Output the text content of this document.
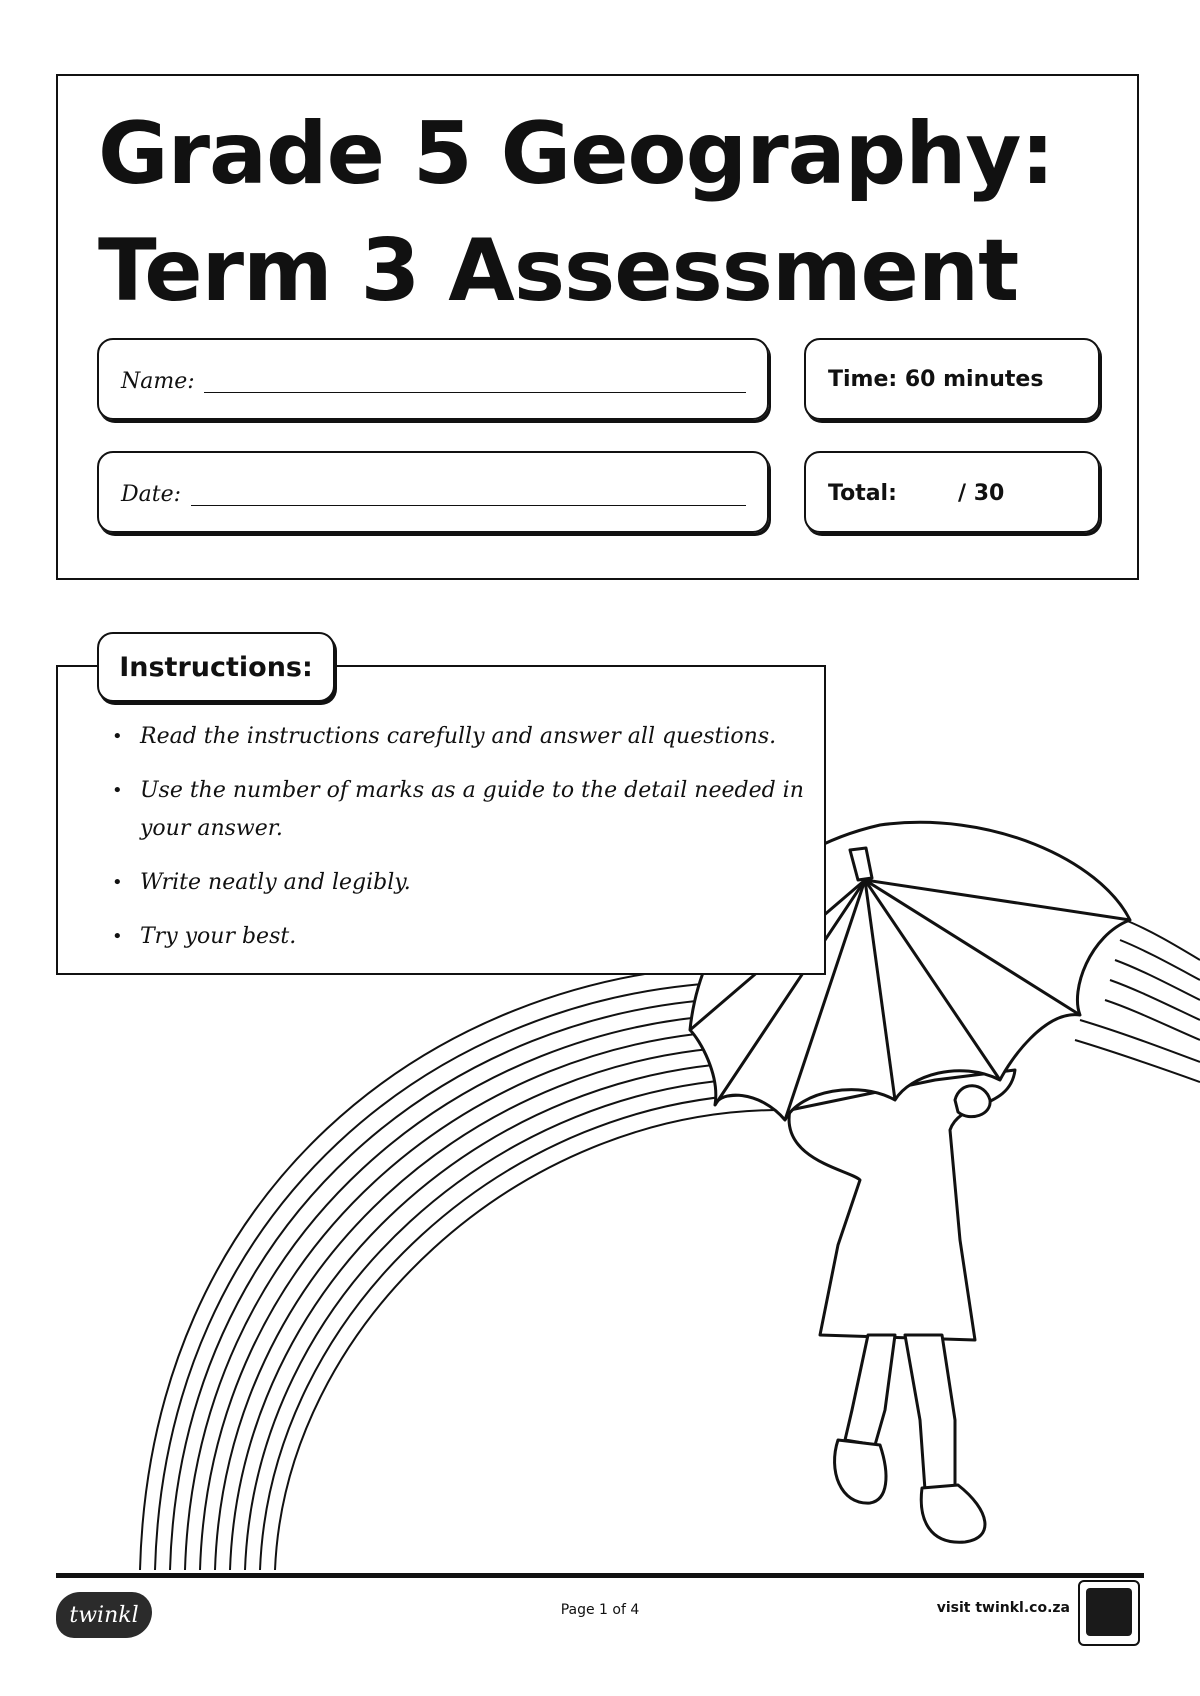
Grade 5 Geography:
Term 3 Assessment
Name:
Date:
Time: 60 minutes
Total:	/ 30
Instructions:
• Read the instructions carefully and answer all questions.
• Use the number of marks as a guide to the detail needed in your answer.
• Write neatly and legibly.
• Try your best.
twinkl	Page 1 of 4	visit twinkl.co.za
